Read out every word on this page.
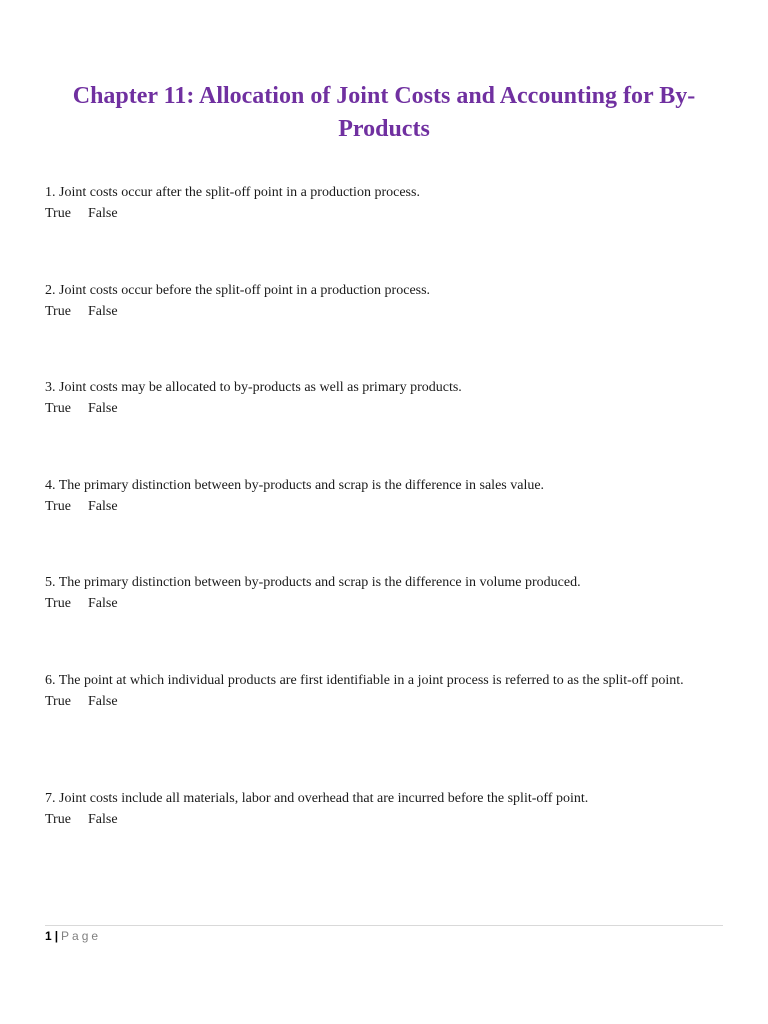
Chapter 11: Allocation of Joint Costs and Accounting for By-Products

1. Joint costs occur after the split-off point in a production process.

True False

2. Joint costs occur before the split-off point in a production process.

True False

3. Joint costs may be allocated to by-products as well as primary products.

True False

4. The primary distinction between by-products and scrap is the difference in sales value.

True False

5. The primary distinction between by-products and scrap is the difference in volume produced.

True False

6. The point at which individual products are first identifiable in a joint process is referred to as the split-off point.

True False

7. Joint costs include all materials, labor and overhead that are incurred before the split-off point.

True False

1 | Page
